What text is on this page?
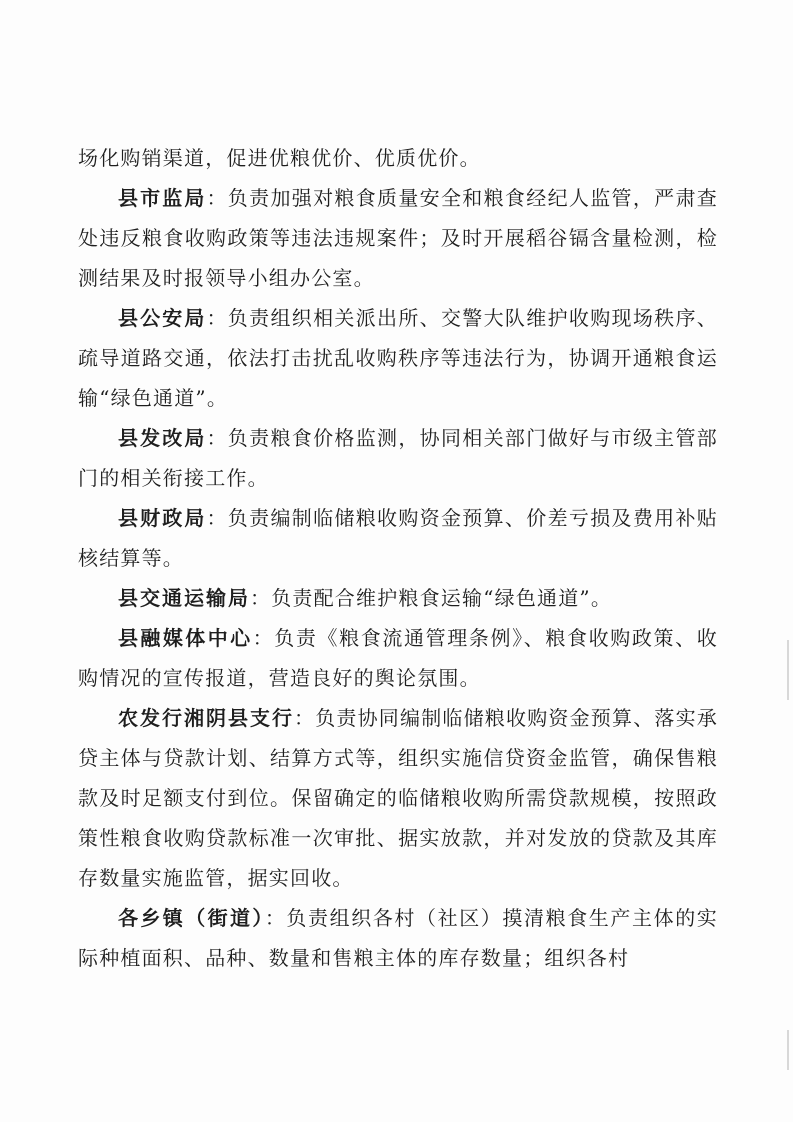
场化购销渠道，促进优粮优价、优质优价。

县市监局：负责加强对粮食质量安全和粮食经纪人监管，严肃查处违反粮食收购政策等违法违规案件；及时开展稻谷镉含量检测，检测结果及时报领导小组办公室。

县公安局：负责组织相关派出所、交警大队维护收购现场秩序、疏导道路交通，依法打击扰乱收购秩序等违法行为，协调开通粮食运输“绿色通道”。

县发改局：负责粮食价格监测，协同相关部门做好与市级主管部门的相关衔接工作。

县财政局：负责编制临储粮收购资金预算、价差亏损及费用补贴核结算等。

县交通运输局：负责配合维护粮食运输“绿色通道”。

县融媒体中心：负责《粮食流通管理条例》、粮食收购政策、收购情况的宣传报道，营造良好的舆论氛围。

农发行湘阴县支行：负责协同编制临储粮收购资金预算、落实承贷主体与贷款计划、结算方式等，组织实施信贷资金监管，确保售粮款及时足额支付到位。保留确定的临储粮收购所需贷款规模，按照政策性粮食收购贷款标准一次审批、据实放款，并对发放的贷款及其库存数量实施监管，据实回收。

各乡镇（街道）：负责组织各村（社区）摸清粮食生产主体的实际种植面积、品种、数量和售粮主体的库存数量；组织各村
